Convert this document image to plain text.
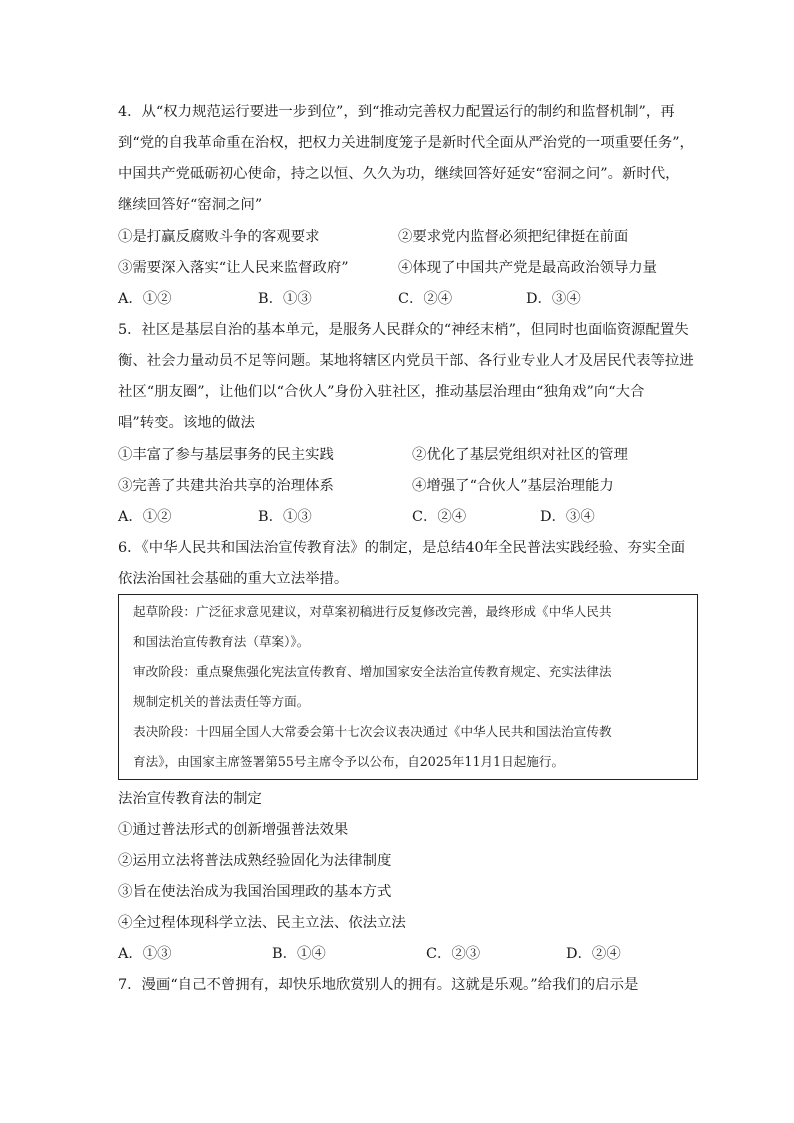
4．从“权力规范运行要进一步到位”，到“推动完善权力配置运行的制约和监督机制”，再
到“党的自我革命重在治权，把权力关进制度笼子是新时代全面从严治党的一项重要任务”，
中国共产党砥砺初心使命，持之以恒、久久为功，继续回答好延安“窑洞之问”。新时代，
继续回答好“窑洞之问”
①是打赢反腐败斗争的客观要求	②要求党内监督必须把纪律挺在前面
③需要深入落实“让人民来监督政府”	④体现了中国共产党是最高政治领导力量
A．①②	B．①③	C．②④	D．③④
5．社区是基层自治的基本单元，是服务人民群众的“神经末梢”，但同时也面临资源配置失
衡、社会力量动员不足等问题。某地将辖区内党员干部、各行业专业人才及居民代表等拉进
社区“朋友圈”，让他们以“合伙人”身份入驻社区，推动基层治理由“独角戏”向“大合
唱”转变。该地的做法
①丰富了参与基层事务的民主实践	②优化了基层党组织对社区的管理
③完善了共建共治共享的治理体系	④增强了“合伙人”基层治理能力
A．①②	B．①③	C．②④	D．③④
6．《中华人民共和国法治宣传教育法》的制定，是总结40年全民普法实践经验、夯实全面
依法治国社会基础的重大立法举措。
起草阶段：广泛征求意见建议，对草案初稿进行反复修改完善，最终形成《中华人民共
和国法治宣传教育法（草案）》。
审改阶段：重点聚焦强化宪法宣传教育、增加国家安全法治宣传教育规定、充实法律法
规制定机关的普法责任等方面。
表决阶段：十四届全国人大常委会第十七次会议表决通过《中华人民共和国法治宣传教
育法》，由国家主席签署第55号主席令予以公布，自2025年11月1日起施行。
法治宣传教育法的制定
①通过普法形式的创新增强普法效果
②运用立法将普法成熟经验固化为法律制度
③旨在使法治成为我国治国理政的基本方式
④全过程体现科学立法、民主立法、依法立法
A．①③	B．①④	C．②③	D．②④
7．漫画“自己不曾拥有，却快乐地欣赏别人的拥有。这就是乐观。”给我们的启示是
